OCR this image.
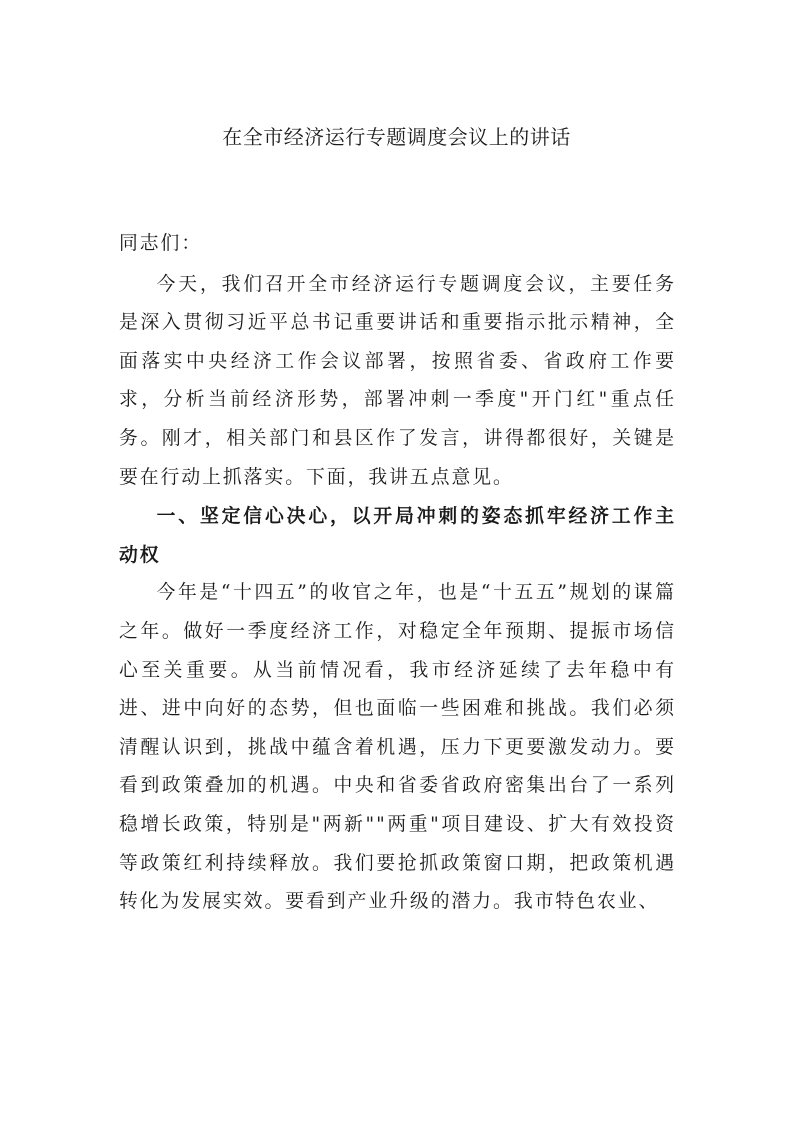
在全市经济运行专题调度会议上的讲话

同志们：

今天，我们召开全市经济运行专题调度会议，主要任务是深入贯彻习近平总书记重要讲话和重要指示批示精神，全面落实中央经济工作会议部署，按照省委、省政府工作要求，分析当前经济形势，部署冲刺一季度"开门红"重点任务。刚才，相关部门和县区作了发言，讲得都很好，关键是要在行动上抓落实。下面，我讲五点意见。

一、坚定信心决心，以开局冲刺的姿态抓牢经济工作主动权

今年是“十四五”的收官之年，也是“十五五”规划的谋篇之年。做好一季度经济工作，对稳定全年预期、提振市场信心至关重要。从当前情况看，我市经济延续了去年稳中有进、进中向好的态势，但也面临一些困难和挑战。我们必须清醒认识到，挑战中蕴含着机遇，压力下更要激发动力。要看到政策叠加的机遇。中央和省委省政府密集出台了一系列稳增长政策，特别是"两新""两重"项目建设、扩大有效投资等政策红利持续释放。我们要抢抓政策窗口期，把政策机遇转化为发展实效。要看到产业升级的潜力。我市特色农业、
